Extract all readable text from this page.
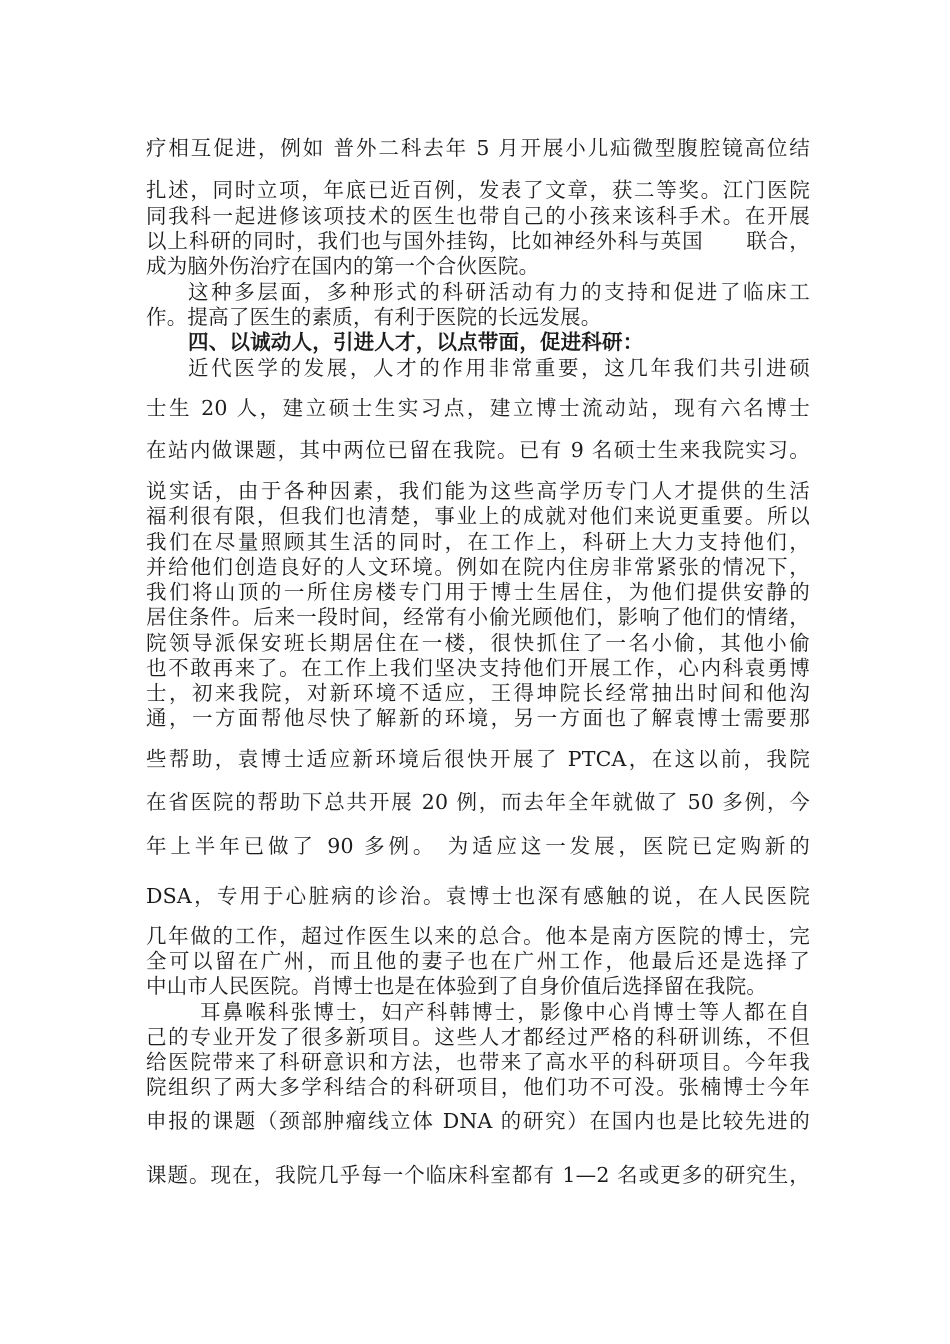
疗相互促进，例如 普外二科去年 5 月开展小儿疝微型腹腔镜高位结
扎述，同时立项，年底已近百例，发表了文章，获二等奖。江门医院
同我科一起进修该项技术的医生也带自己的小孩来该科手术。在开展
以上科研的同时，我们也与国外挂钩，比如神经外科与英国　　联合，
成为脑外伤治疗在国内的第一个合伙医院。
这种多层面，多种形式的科研活动有力的支持和促进了临床工
作。提高了医生的素质，有利于医院的长远发展。
四、以诚动人，引进人才，以点带面，促进科研：
近代医学的发展，人才的作用非常重要，这几年我们共引进硕
士生 20 人，建立硕士生实习点，建立博士流动站，现有六名博士
在站内做课题，其中两位已留在我院。已有 9 名硕士生来我院实习。
说实话，由于各种因素，我们能为这些高学历专门人才提供的生活
福利很有限，但我们也清楚，事业上的成就对他们来说更重要。所以
我们在尽量照顾其生活的同时，在工作上，科研上大力支持他们，
并给他们创造良好的人文环境。例如在院内住房非常紧张的情况下，
我们将山顶的一所住房楼专门用于博士生居住，为他们提供安静的
居住条件。后来一段时间，经常有小偷光顾他们，影响了他们的情绪，
院领导派保安班长期居住在一楼，很快抓住了一名小偷，其他小偷
也不敢再来了。在工作上我们坚决支持他们开展工作，心内科袁勇博
士，初来我院，对新环境不适应，王得坤院长经常抽出时间和他沟
通，一方面帮他尽快了解新的环境，另一方面也了解袁博士需要那
些帮助，袁博士适应新环境后很快开展了 PTCA，在这以前，我院
在省医院的帮助下总共开展 20 例，而去年全年就做了 50 多例，今
年上半年已做了 90 多例。 为适应这一发展，医院已定购新的
DSA，专用于心脏病的诊治。袁博士也深有感触的说，在人民医院
几年做的工作，超过作医生以来的总合。他本是南方医院的博士，完
全可以留在广州，而且他的妻子也在广州工作，他最后还是选择了
中山市人民医院。肖博士也是在体验到了自身价值后选择留在我院。
耳鼻喉科张博士，妇产科韩博士，影像中心肖博士等人都在自
己的专业开发了很多新项目。这些人才都经过严格的科研训练，不但
给医院带来了科研意识和方法，也带来了高水平的科研项目。今年我
院组织了两大多学科结合的科研项目，他们功不可没。张楠博士今年
申报的课题（颈部肿瘤线立体 DNA 的研究）在国内也是比较先进的
课题。现在，我院几乎每一个临床科室都有 1—2 名或更多的研究生，
